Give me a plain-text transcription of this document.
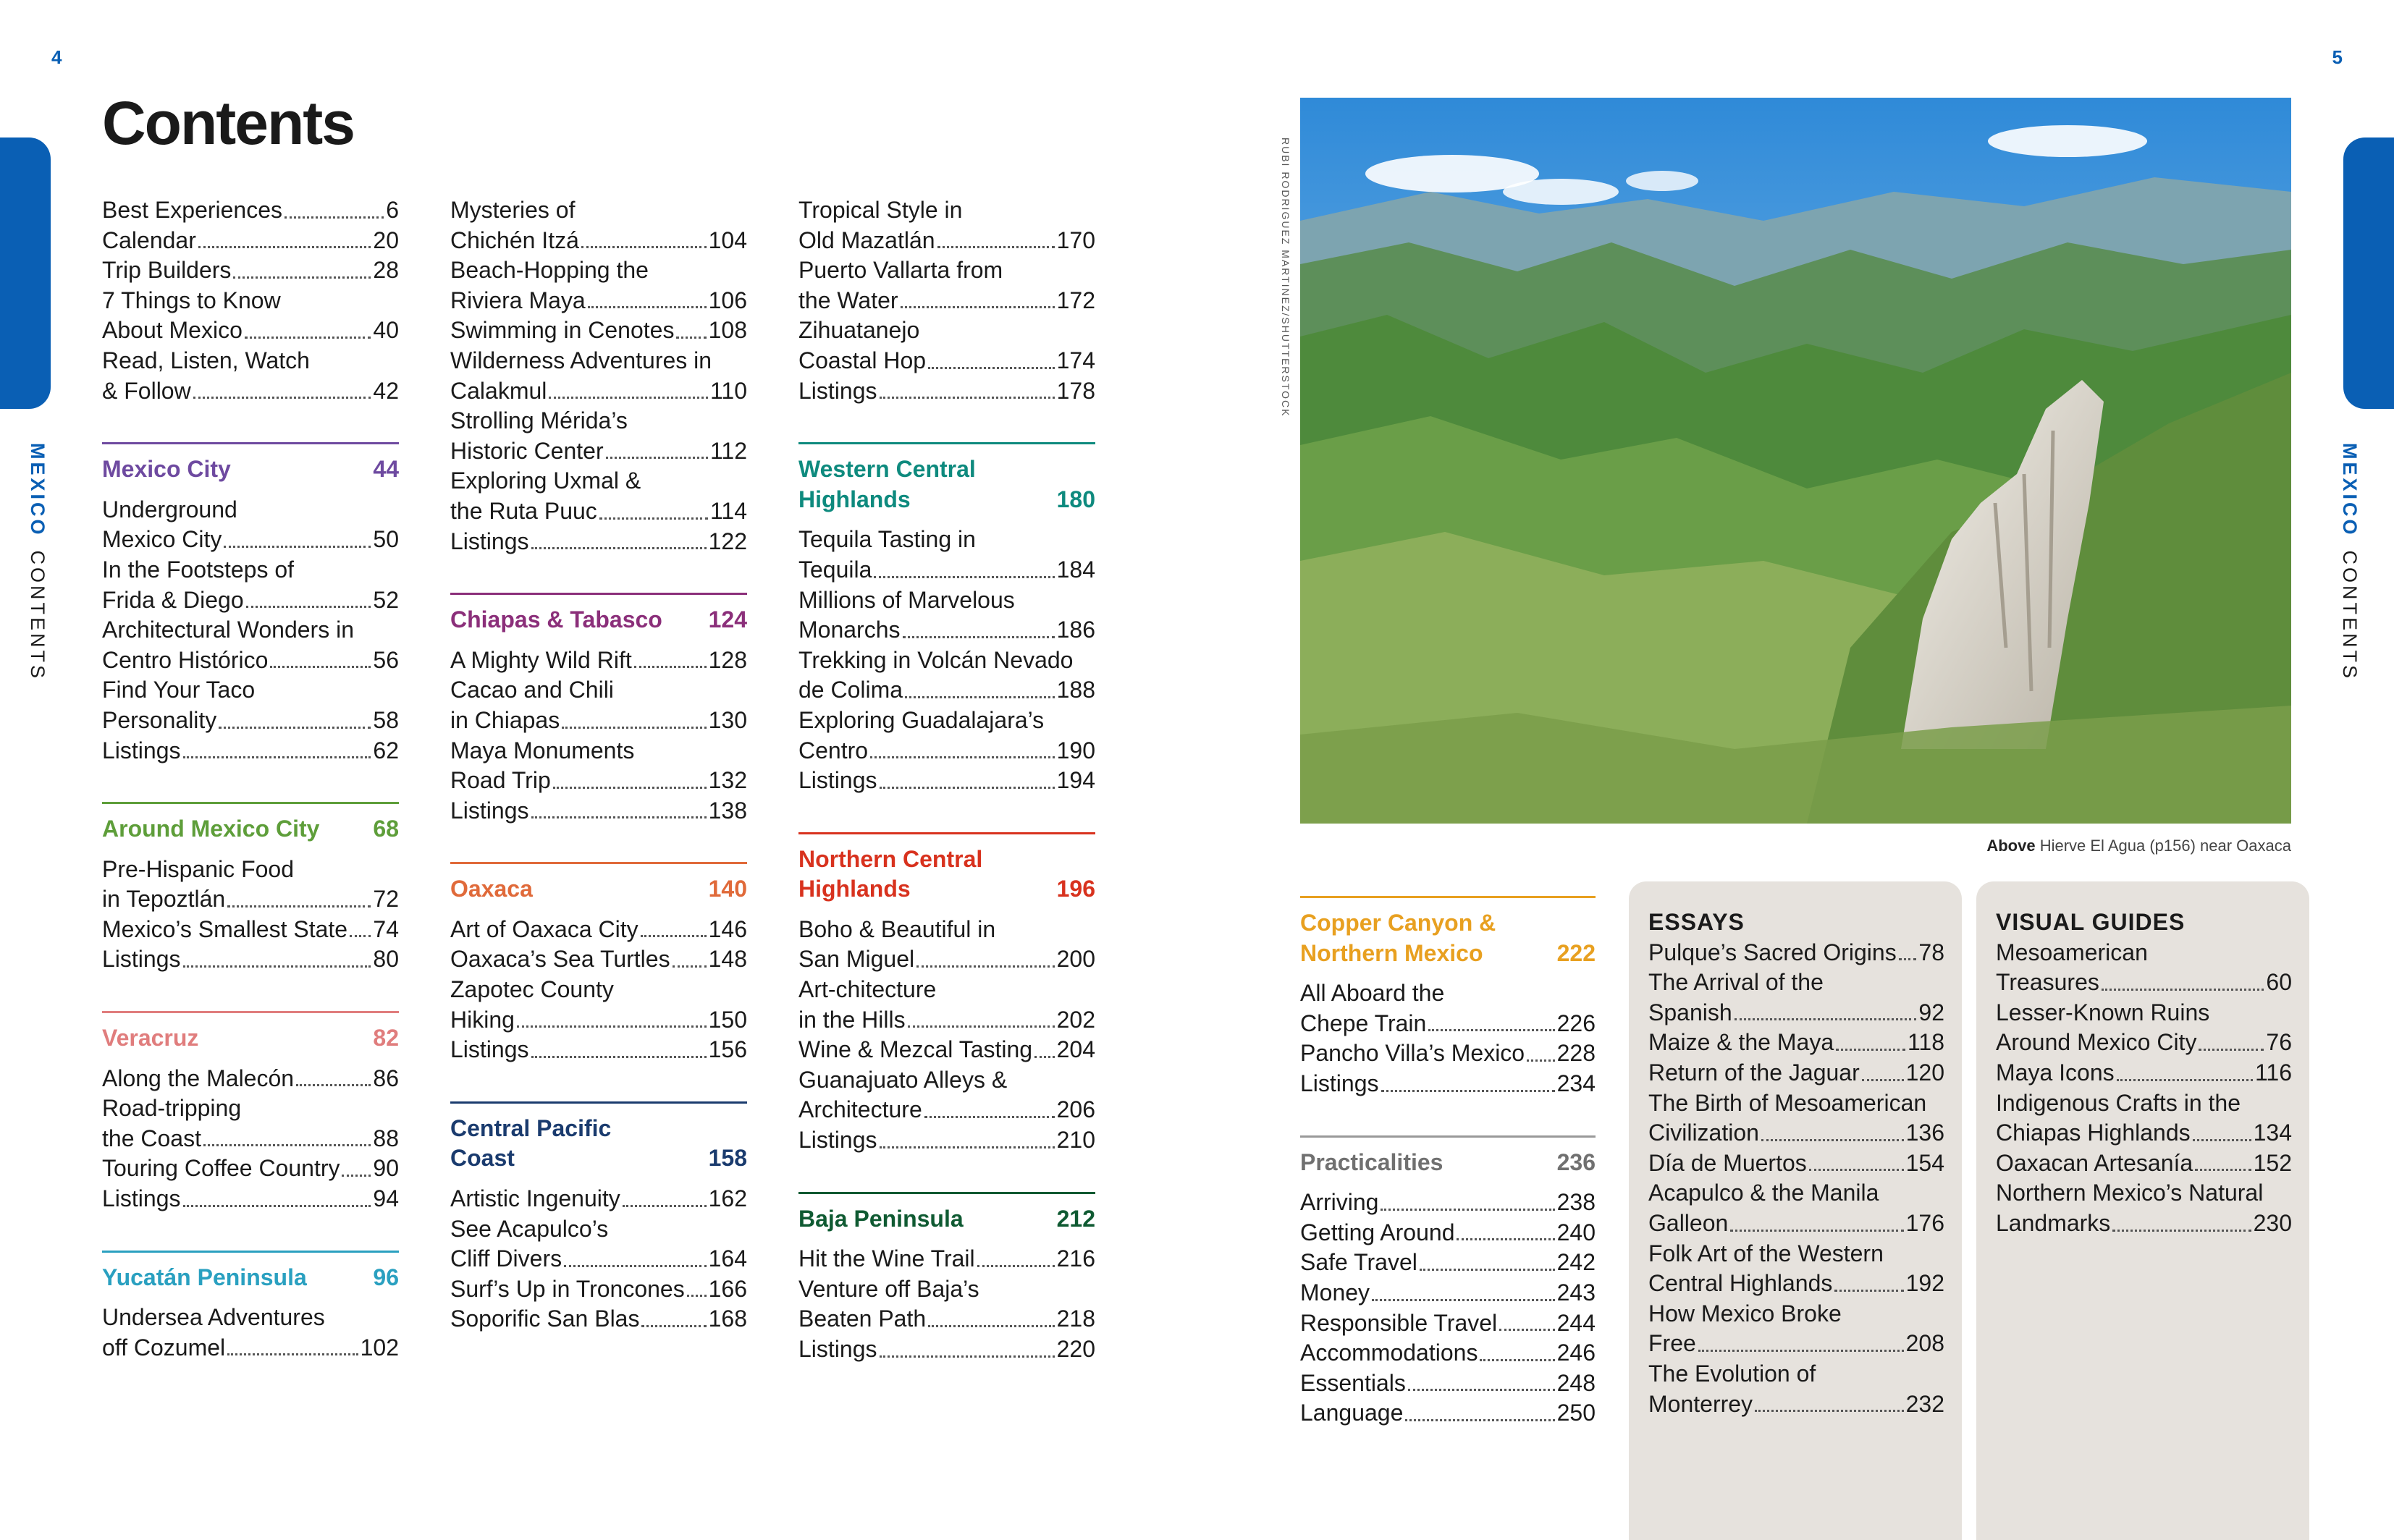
4	5
MEXICOCONTENTS
MEXICOCONTENTS
Contents
Best Experiences	6
Calendar	20
Trip Builders	28
7 Things to Know
About Mexico	40
Read, Listen, Watch
& Follow	42
Mexico City	44
Underground
Mexico City	50
In the Footsteps of
Frida & Diego	52
Architectural Wonders in
Centro Histórico	56
Find Your Taco
Personality	58
Listings	62
Around Mexico City 68
Pre-Hispanic Food
in Tepoztlán	72
Mexico’s Smallest State 74
Listings	80
Veracruz	82
Along the Malecón	86
Road-tripping
the Coast	88
Touring Coffee Country 90
Listings	94
Yucatán Peninsula	96
Undersea Adventures
off Cozumel	102
Mysteries of
Chichén Itzá	104
Beach-Hopping the
Riviera Maya	106
Swimming in Cenotes 108
Wilderness Adventures in
Calakmul	110
Strolling Mérida’s
Historic Center	112
Exploring Uxmal &
the Ruta Puuc	114
Listings	122
Chiapas & Tabasco 124
A Mighty Wild Rift	128
Cacao and Chili
in Chiapas	130
Maya Monuments
Road Trip	132
Listings	138
Oaxaca	140
Art of Oaxaca City	146
Oaxaca’s Sea Turtles 148
Zapotec County
Hiking	150
Listings	156
Central Pacific
Coast	158
Artistic Ingenuity	162
See Acapulco’s
Cliff Divers	164
Surf’s Up in Troncones 166
Soporific San Blas	168
Tropical Style in
Old Mazatlán	170
Puerto Vallarta from
the Water	172
Zihuatanejo
Coastal Hop	174
Listings	178
Western Central
Highlands	180
Tequila Tasting in
Tequila	184
Millions of Marvelous
Monarchs	186
Trekking in Volcán Nevado
de Colima	188
Exploring Guadalajara’s
Centro	190
Listings	194
Northern Central
Highlands	196
Boho & Beautiful in
San Miguel	200
Art-chitecture
in the Hills	202
Wine & Mezcal Tasting 204
Guanajuato Alleys &
Architecture	206
Listings	210
Baja Peninsula	212
Hit the Wine Trail	216
Venture off Baja’s
Beaten Path	218
Listings	220
RUBI RODRIGUEZ MARTINEZ/SHUTTERSTOCK
Above Hierve El Agua (p156) near Oaxaca
Copper Canyon &
Northern Mexico	222
All Aboard the
Chepe Train	226
Pancho Villa’s Mexico 228
Listings	234
Practicalities	236
Arriving	238
Getting Around	240
Safe Travel	242
Money	243
Responsible Travel	244
Accommodations	246
Essentials	248
Language	250
ESSAYS
Pulque’s Sacred Origins 78
The Arrival of the
Spanish	92
Maize & the Maya	118
Return of the Jaguar 120
The Birth of Mesoamerican
Civilization	136
Día de Muertos	154
Acapulco & the Manila
Galleon	176
Folk Art of the Western
Central Highlands	192
How Mexico Broke
Free	208
The Evolution of
Monterrey	232
VISUAL GUIDES
Mesoamerican
Treasures	60
Lesser-Known Ruins
Around Mexico City	76
Maya Icons	116
Indigenous Crafts in the
Chiapas Highlands	134
Oaxacan Artesanía	152
Northern Mexico’s Natural
Landmarks	230
